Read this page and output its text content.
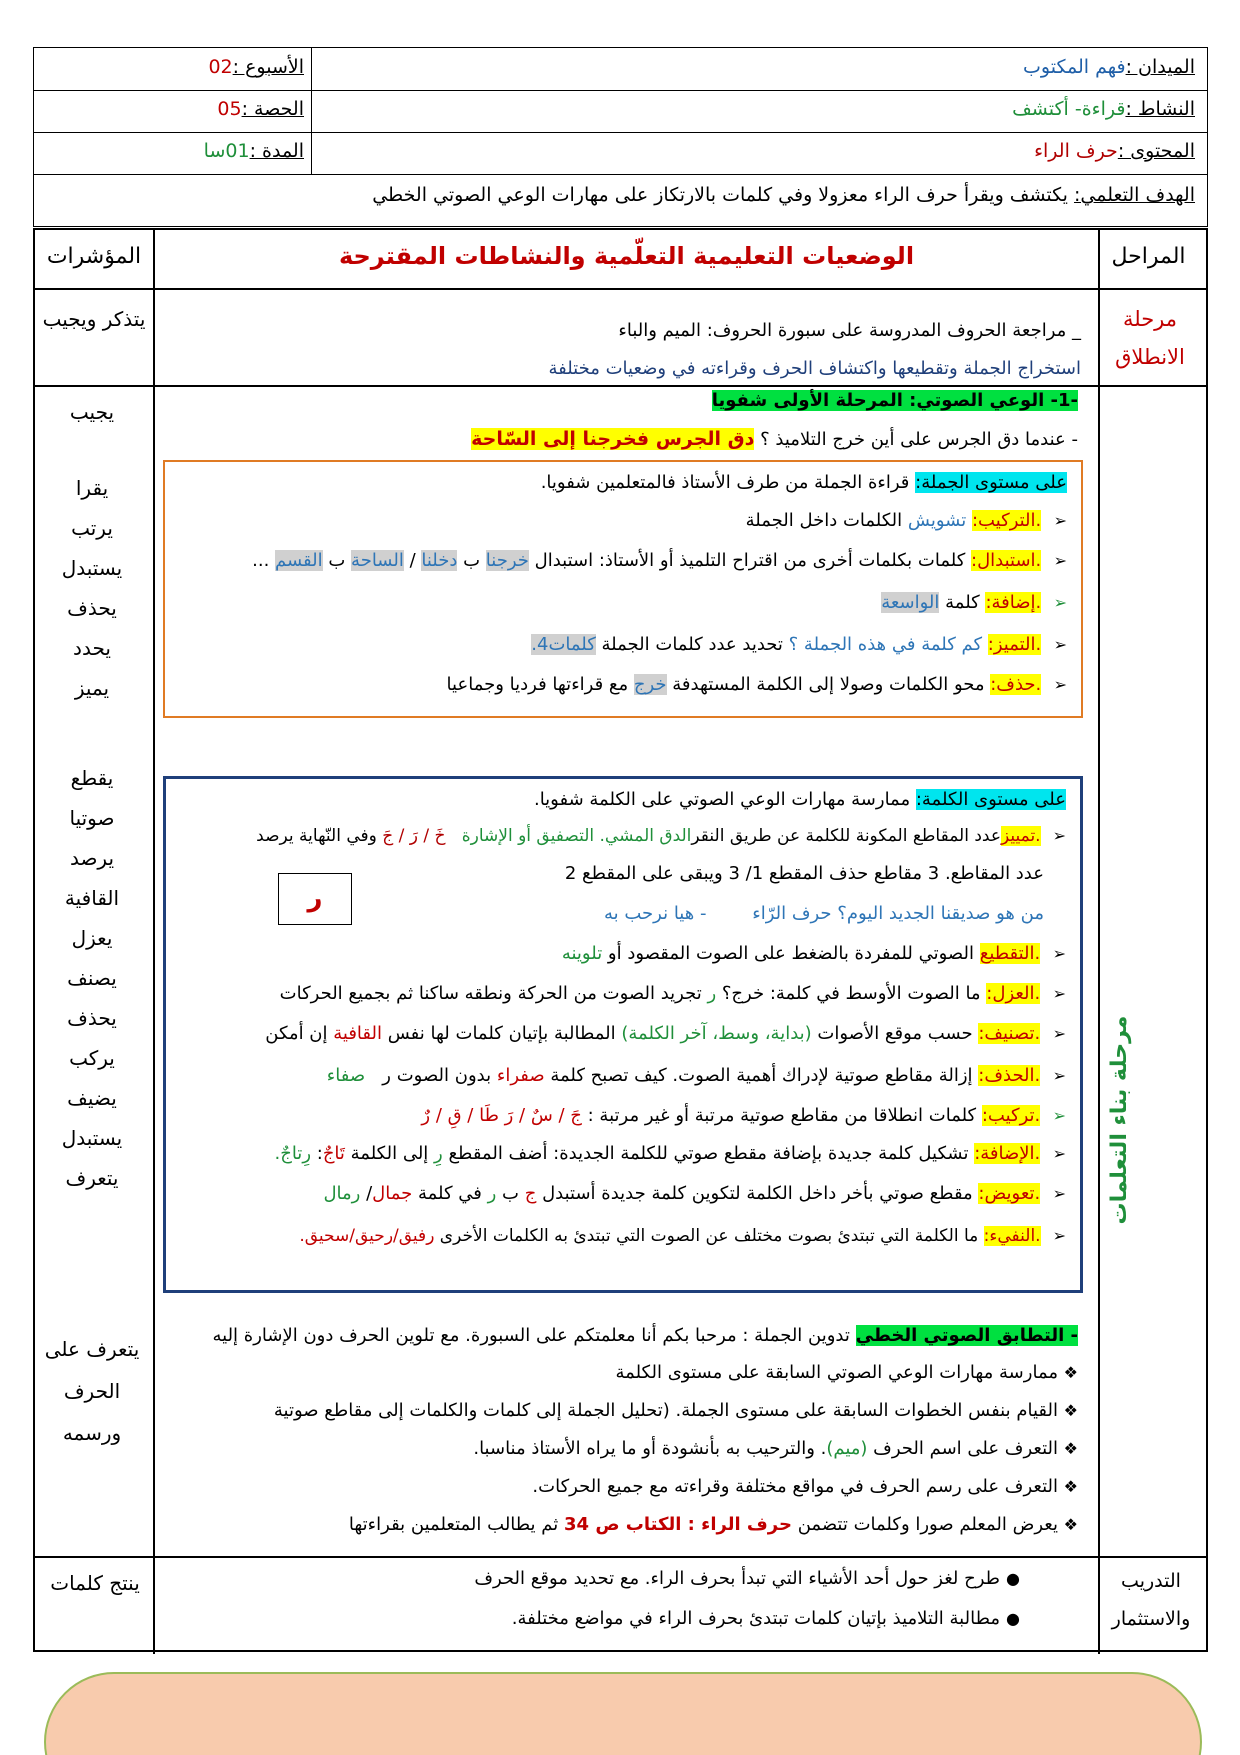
الميدان :فهم المكتوب
النشاط :قراءة- أكتشف
المحتوى :حرف الراء
الأسبوع :02
الحصة :05
المدة :01سا
الهدف التعلمي: يكتشف ويقرأ حرف الراء معزولا وفي كلمات بالارتكاز على مهارات الوعي الصوتي الخطي
المراحل
الوضعيات التعليمية التعلّمية والنشاطات المقترحة
المؤشرات
مرحلة الانطلاق
_ مراجعة الحروف المدروسة على سبورة الحروف: الميم والباء
يتذكر ويجيب
مرحلة بناء التعلمات
استخراج الجملة وتقطيعها واكتشاف الحرف وقراءته في وضعيات مختلفة
-1- الوعي الصوتي: المرحلة الأولى شفويا
- عندما دق الجرس على أين خرج التلاميذ ؟ دق الجرس فخرجنا إلى السّاحة
على مستوى الجملة: قراءة الجملة من طرف الأستاذ فالمتعلمين شفويا.
➢ .التركيب: تشويش الكلمات داخل الجملة
➢ .استبدال: كلمات بكلمات أخرى من اقتراح التلميذ أو الأستاذ: استبدال خرجنا ب دخلنا / الساحة ب القسم ...
➢ .إضافة: كلمة الواسعة
➢ .التميز: كم كلمة في هذه الجملة ؟ تحديد عدد كلمات الجملة كلمات4.
➢ .حذف: محو الكلمات وصولا إلى الكلمة المستهدفة خرج مع قراءتها فرديا وجماعيا
على مستوى الكلمة: ممارسة مهارات الوعي الصوتي على الكلمة شفويا.
➢ .تمييزعدد المقاطع المكونة للكلمة عن طريق النقرالدق المشي. التصفيق أو الإشارة   خَ / رَ / جَ وفي النّهاية يرصد
عدد المقاطع. 3 مقاطع حذف المقطع 1/ 3 ويبقى على المقطع 2
من هو صديقنا الجديد اليوم؟ حرف الرّاء        - هيا نرحب به
ر
➢ .التقطيع الصوتي للمفردة بالضغط على الصوت المقصود أو تلوينه
➢ .العزل: ما الصوت الأوسط في كلمة: خرج؟ ر تجريد الصوت من الحركة ونطقه ساكنا ثم بجميع الحركات
➢ .تصنيف: حسب موقع الأصوات (بداية، وسط، آخر الكلمة) المطالبة بإتيان كلمات لها نفس القافية إن أمكن
➢ .الحذف: إزالة مقاطع صوتية لإدراك أهمية الصوت. كيف تصبح كلمة صفراء بدون الصوت ر   صفاء
➢ .تركيب: كلمات انطلاقا من مقاطع صوتية مرتبة أو غير مرتبة : جَ / سٌ / رَ طَا / قِ / رٌ
➢ .الإضافة: تشكيل كلمة جديدة بإضافة مقطع صوتي للكلمة الجديدة: أضف المقطع رِ إلى الكلمة تَاجٌ: رِتاجٌ.
➢ .تعويض: مقطع صوتي بأخر داخل الكلمة لتكوين كلمة جديدة أستبدل ج ب ر في كلمة جمال/ رمال
➢ .النفيء: ما الكلمة التي تبتدئ بصوت مختلف عن الصوت التي تبتدئ به الكلمات الأخرى رفيق/رحيق/سحيق.
- التطابق الصوتي الخطي تدوين الجملة : مرحبا بكم أنا معلمتكم على السبورة. مع تلوين الحرف دون الإشارة إليه
❖ممارسة مهارات الوعي الصوتي السابقة على مستوى الكلمة
❖القيام بنفس الخطوات السابقة على مستوى الجملة. (تحليل الجملة إلى كلمات والكلمات إلى مقاطع صوتية
❖التعرف على اسم الحرف (ميم). والترحيب به بأنشودة أو ما يراه الأستاذ مناسبا.
❖التعرف على رسم الحرف في مواقع مختلفة وقراءته مع جميع الحركات.
❖يعرض المعلم صورا وكلمات تتضمن حرف الراء : الكتاب ص 34 ثم يطالب المتعلمين بقراءتها
يجيب
يقرا
يرتب
يستبدل
يحذف
يحدد
يميز
يقطع
صوتيا
يرصد
القافية
يعزل
يصنف
يحذف
يركب
يضيف
يستبدل
يتعرف
يتعرف على
الحرف
ورسمه
التدريب والاستثمار
●طرح لغز حول أحد الأشياء التي تبدأ بحرف الراء. مع تحديد موقع الحرف
●مطالبة التلاميذ بإتيان كلمات تبتدئ بحرف الراء في مواضع مختلفة.
ينتج كلمات
